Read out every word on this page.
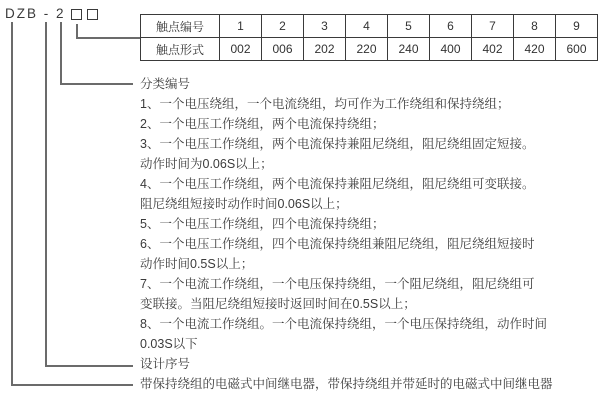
DZB - 2
触点编号	1	2	3	4	5	6	7	8	9
触点形式	002	006	202	220	240	400	402	420	600
分类编号
1、一个电压绕组，一个电流绕组，均可作为工作绕组和保持绕组；
2、一个电压工作绕组，两个电流保持绕组；
3、一个电压工作绕组，两个电流保持兼阻尼绕组，阻尼绕组固定短接。
动作时间为0.06S以上；
4、一个电压工作绕组，两个电流保持兼阻尼绕组，阻尼绕组可变联接。
阻尼绕组短接时动作时间0.06S以上；
5、一个电压工作绕组，四个电流保持绕组；
6、一个电压工作绕组，四个电流保持绕组兼阻尼绕组，阻尼绕组短接时
动作时间0.5S以上；
7、一个电流工作绕组，一个电压保持绕组，一个阻尼绕组，阻尼绕组可
变联接。当阻尼绕组短接时返回时间在0.5S以上；
8、一个电流工作绕组。一个电流保持绕组，一个电压保持绕组，动作时间
0.03S以下
设计序号
带保持绕组的电磁式中间继电器，带保持绕组并带延时的电磁式中间继电器
